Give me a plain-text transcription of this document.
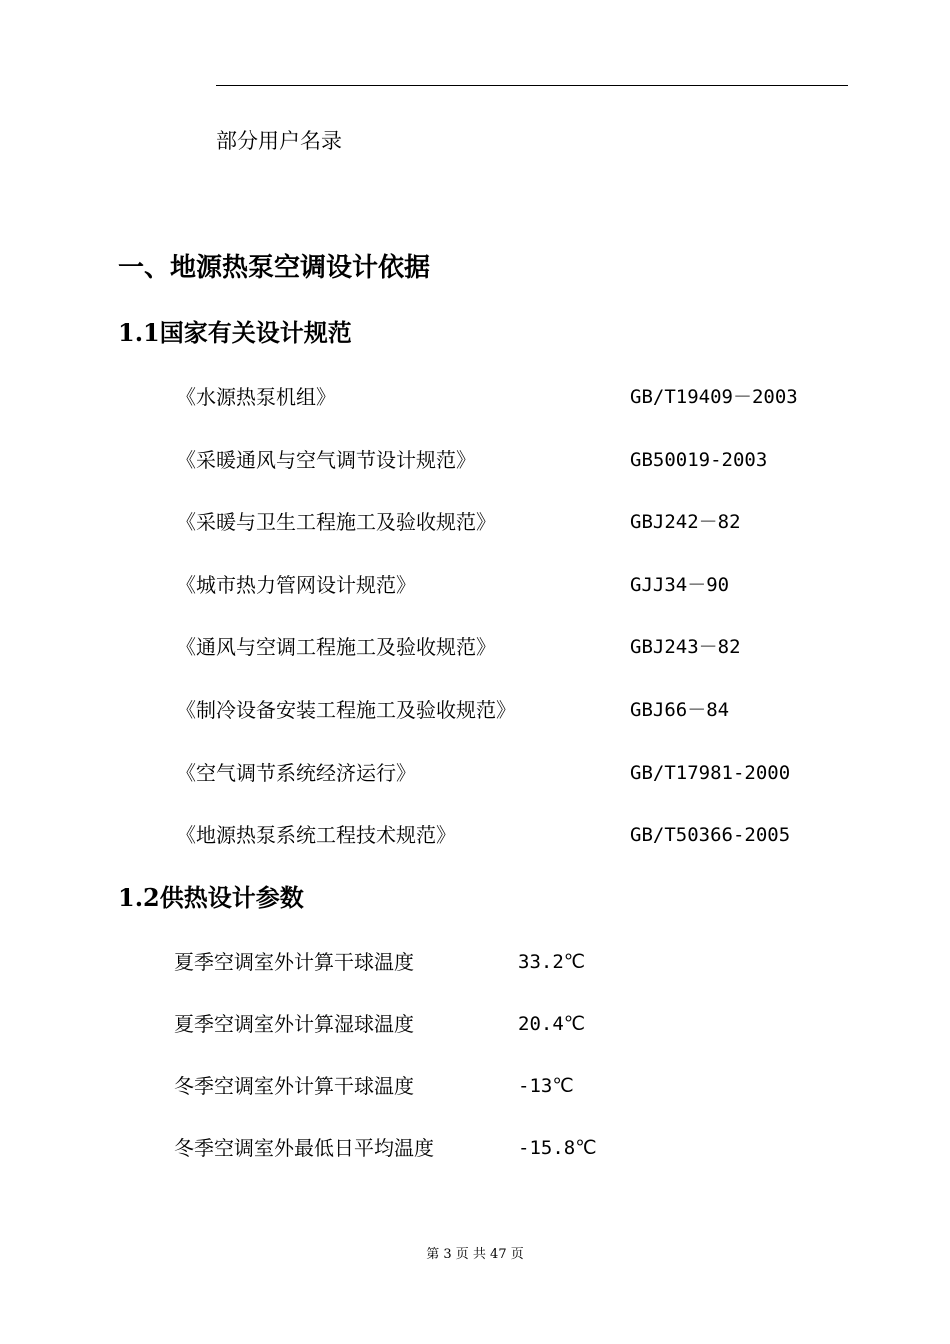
部分用户名录
一、地源热泵空调设计依据
1.1国家有关设计规范
《水源热泵机组》	GB/T19409－2003
《采暖通风与空气调节设计规范》	GB50019-2003
《采暖与卫生工程施工及验收规范》	GBJ242－82
《城市热力管网设计规范》	GJJ34－90
《通风与空调工程施工及验收规范》	GBJ243－82
《制冷设备安装工程施工及验收规范》	GBJ66－84
《空气调节系统经济运行》	GB/T17981-2000
《地源热泵系统工程技术规范》	GB/T50366-2005
1.2供热设计参数
夏季空调室外计算干球温度	33.2℃
夏季空调室外计算湿球温度	20.4℃
冬季空调室外计算干球温度	-13℃
冬季空调室外最低日平均温度	-15.8℃
第 3 页 共 47 页
